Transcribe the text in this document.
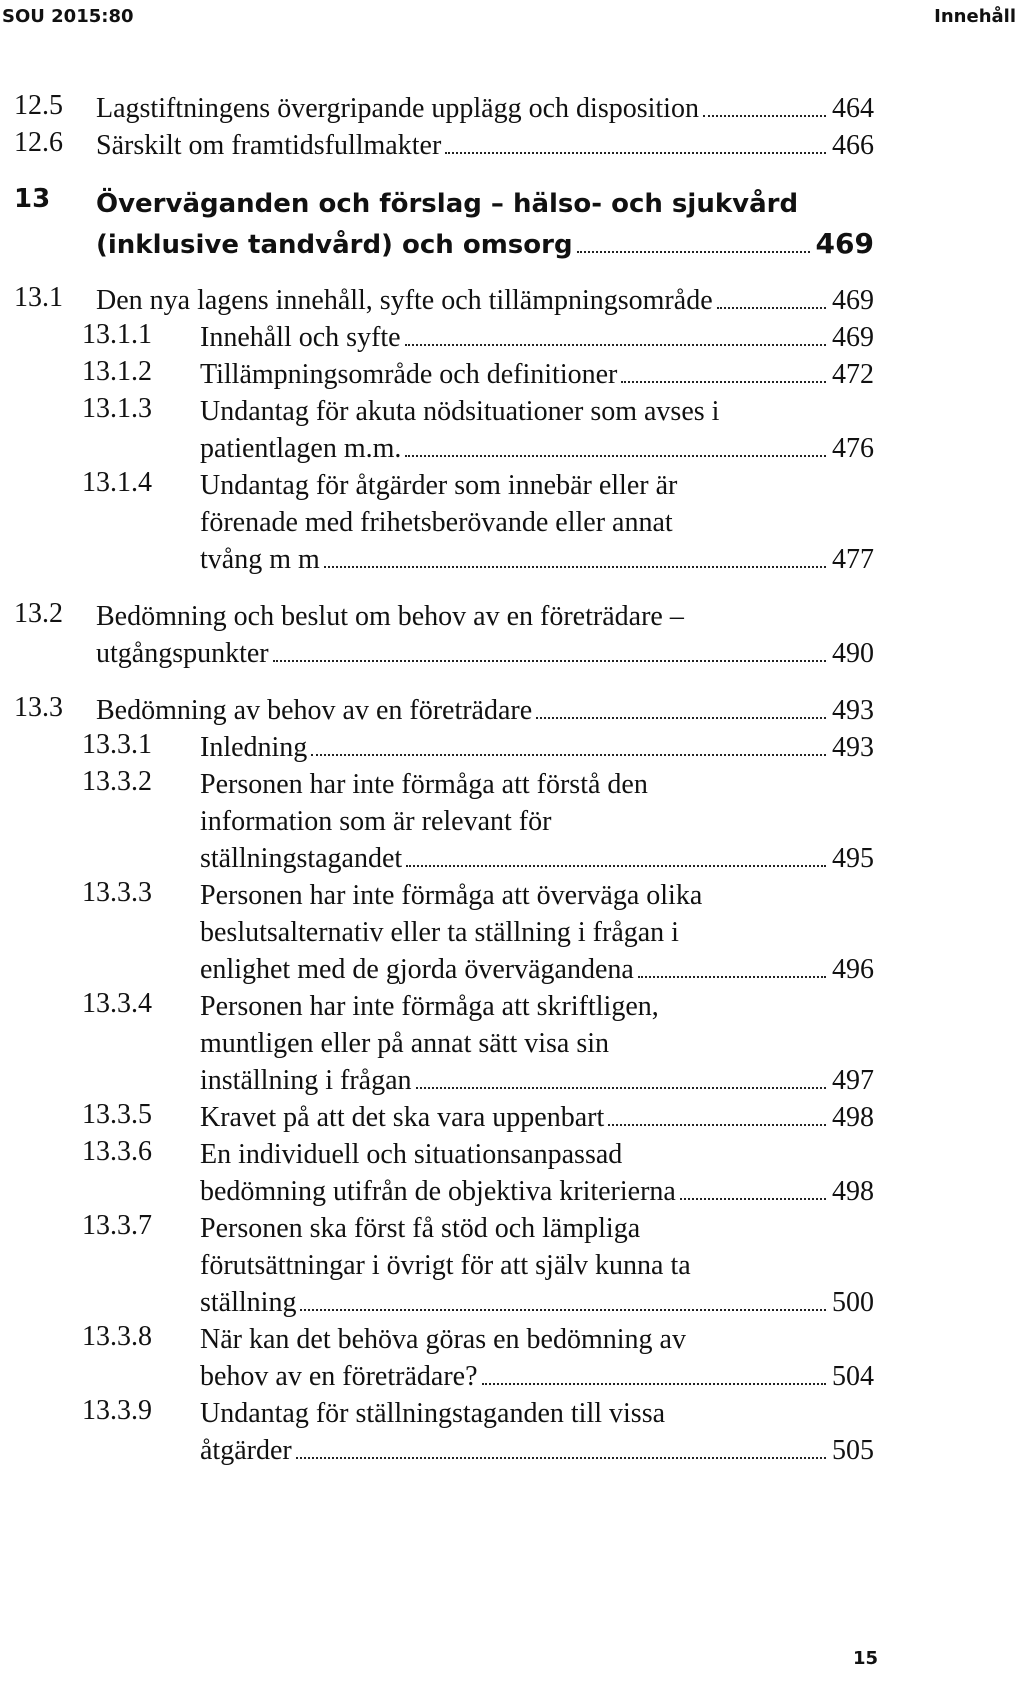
SOU 2015:80	Innehåll
12.5 Lagstiftningens övergripande upplägg och disposition	464
12.6 Särskilt om framtidsfullmakter	466
13 Överväganden och förslag – hälso- och sjukvård
(inklusive tandvård) och omsorg	469
13.1 Den nya lagens innehåll, syfte och tillämpningsområde	469
13.1.1 Innehåll och syfte	469
13.1.2 Tillämpningsområde och definitioner	472
13.1.3 Undantag för akuta nödsituationer som avses i
patientlagen m.m.	476
13.1.4 Undantag för åtgärder som innebär eller är
förenade med frihetsberövande eller annat
tvång m m	477
13.2 Bedömning och beslut om behov av en företrädare –
utgångspunkter	490
13.3 Bedömning av behov av en företrädare	493
13.3.1 Inledning	493
13.3.2 Personen har inte förmåga att förstå den
information som är relevant för
ställningstagandet	495
13.3.3 Personen har inte förmåga att överväga olika
beslutsalternativ eller ta ställning i frågan i
enlighet med de gjorda övervägandena	496
13.3.4 Personen har inte förmåga att skriftligen,
muntligen eller på annat sätt visa sin
inställning i frågan	497
13.3.5 Kravet på att det ska vara uppenbart	498
13.3.6 En individuell och situationsanpassad
bedömning utifrån de objektiva kriterierna	498
13.3.7 Personen ska först få stöd och lämpliga
förutsättningar i övrigt för att själv kunna ta
ställning	500
13.3.8 När kan det behöva göras en bedömning av
behov av en företrädare?	504
13.3.9 Undantag för ställningstaganden till vissa
åtgärder	505
15
